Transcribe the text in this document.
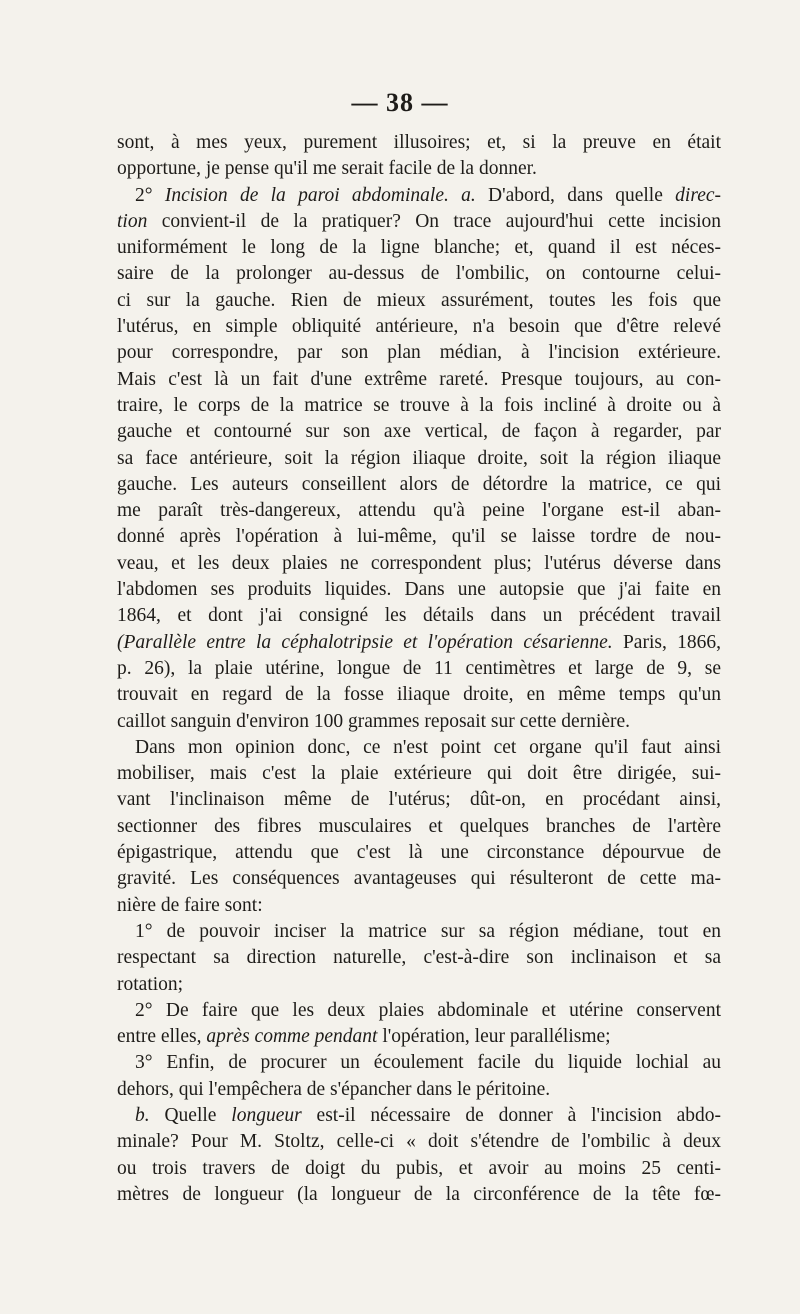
— 38 —
sont, à mes yeux, purement illusoires; et, si la preuve en était
opportune, je pense qu'il me serait facile de la donner.
2° Incision de la paroi abdominale. a. D'abord, dans quelle direc-
tion convient-il de la pratiquer? On trace aujourd'hui cette incision
uniformément le long de la ligne blanche; et, quand il est néces-
saire de la prolonger au-dessus de l'ombilic, on contourne celui-
ci sur la gauche. Rien de mieux assurément, toutes les fois que
l'utérus, en simple obliquité antérieure, n'a besoin que d'être relevé
pour correspondre, par son plan médian, à l'incision extérieure.
Mais c'est là un fait d'une extrême rareté. Presque toujours, au con-
traire, le corps de la matrice se trouve à la fois incliné à droite ou à
gauche et contourné sur son axe vertical, de façon à regarder, par
sa face antérieure, soit la région iliaque droite, soit la région iliaque
gauche. Les auteurs conseillent alors de détordre la matrice, ce qui
me paraît très-dangereux, attendu qu'à peine l'organe est-il aban-
donné après l'opération à lui-même, qu'il se laisse tordre de nou-
veau, et les deux plaies ne correspondent plus; l'utérus déverse dans
l'abdomen ses produits liquides. Dans une autopsie que j'ai faite en
1864, et dont j'ai consigné les détails dans un précédent travail
(Parallèle entre la céphalotripsie et l'opération césarienne. Paris, 1866,
p. 26), la plaie utérine, longue de 11 centimètres et large de 9, se
trouvait en regard de la fosse iliaque droite, en même temps qu'un
caillot sanguin d'environ 100 grammes reposait sur cette dernière.
Dans mon opinion donc, ce n'est point cet organe qu'il faut ainsi
mobiliser, mais c'est la plaie extérieure qui doit être dirigée, sui-
vant l'inclinaison même de l'utérus; dût-on, en procédant ainsi,
sectionner des fibres musculaires et quelques branches de l'artère
épigastrique, attendu que c'est là une circonstance dépourvue de
gravité. Les conséquences avantageuses qui résulteront de cette ma-
nière de faire sont:
1° de pouvoir inciser la matrice sur sa région médiane, tout en
respectant sa direction naturelle, c'est-à-dire son inclinaison et sa
rotation;
2° De faire que les deux plaies abdominale et utérine conservent
entre elles, après comme pendant l'opération, leur parallélisme;
3° Enfin, de procurer un écoulement facile du liquide lochial au
dehors, qui l'empêchera de s'épancher dans le péritoine.
b. Quelle longueur est-il nécessaire de donner à l'incision abdo-
minale? Pour M. Stoltz, celle-ci « doit s'étendre de l'ombilic à deux
ou trois travers de doigt du pubis, et avoir au moins 25 centi-
mètres de longueur (la longueur de la circonférence de la tête fœ-
